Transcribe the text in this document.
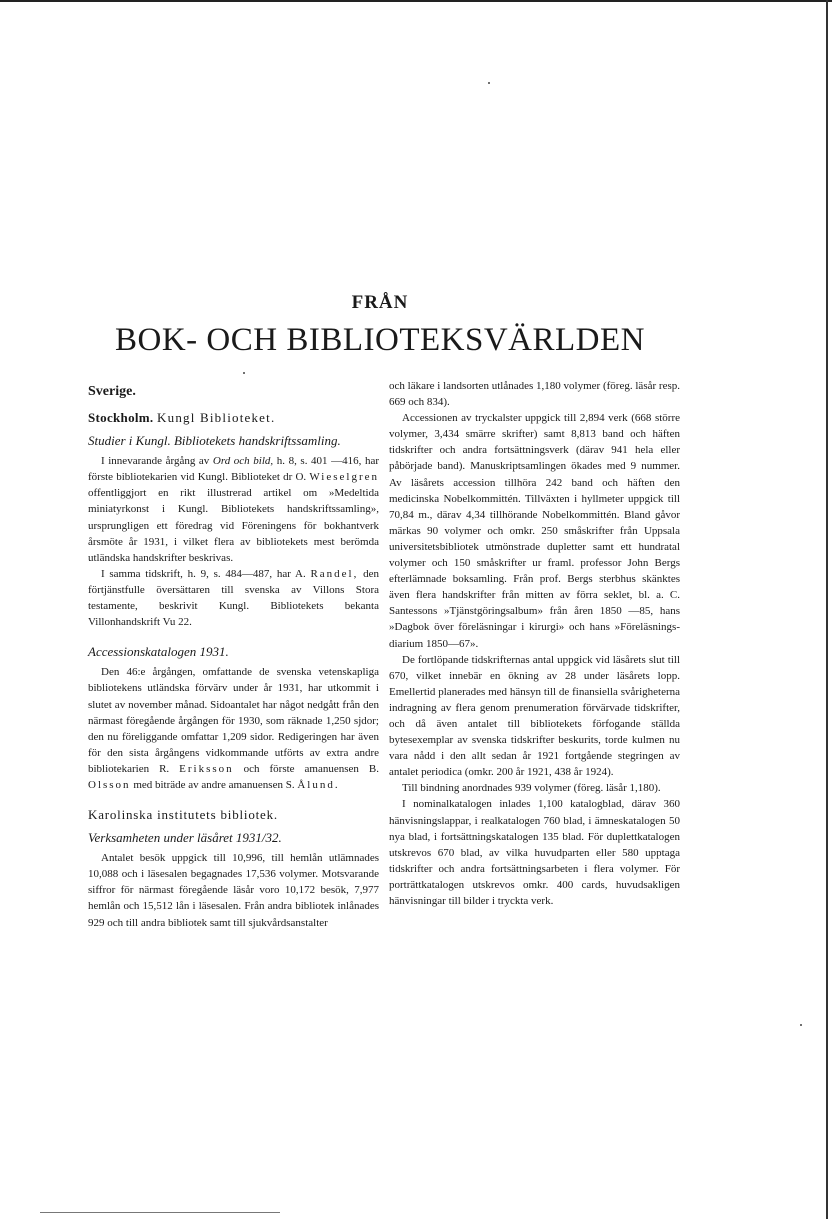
FRÅN
BOK- OCH BIBLIOTEKSVÄRLDEN
Sverige.
Stockholm. Kungl Biblioteket.
Studier i Kungl. Bibliotekets handskriftssamling.

I innevarande årgång av Ord och bild, h. 8, s. 401 —416, har förste bibliotekarien vid Kungl. Biblioteket dr O. Wieselgren offentliggjort en rikt illustrerad artikel om »Medeltida miniatyrkonst i Kungl. Bibliotekets handskriftssamling», ursprungligen ett föredrag vid Föreningens för bokhantverk årsmöte år 1931, i vilket flera av bibliotekets mest berömda utländska handskrifter beskrivas.

I samma tidskrift, h. 9, s. 484—487, har A. Randel, den förtjänstfulle översättaren till svenska av Villons Stora testamente, beskrivit Kungl. Bibliotekets bekanta Villonhandskrift Vu 22.

Accessionskatalogen 1931.

Den 46:e årgången, omfattande de svenska vetenskapliga bibliotekens utländska förvärv under år 1931, har utkommit i slutet av november månad. Sidoantalet har något nedgått från den närmast föregående årgången för 1930, som räknade 1,250 sjdor; den nu föreliggande omfattar 1,209 sidor. Redigeringen har även för den sista årgångens vidkommande utförts av extra andre bibliotekarien R. Eriksson och förste amanuensen B. Olsson med biträde av andre amanuensen S. Ålund.

Karolinska institutets bibliotek.
Verksamheten under läsåret 1931/32.

Antalet besök uppgick till 10,996, till hemlån utlämnades 10,088 och i läsesalen begagnades 17,536 volymer. Motsvarande siffror för närmast föregående läsår voro 10,172 besök, 7,977 hemlån och 15,512 lån i läsesalen. Från andra bibliotek inlånades 929 och till andra bibliotek samt till sjukvårdsanstalter

och läkare i landsorten utlånades 1,180 volymer (föreg. läsår resp. 669 och 834).

Accessionen av tryckalster uppgick till 2,894 verk (668 större volymer, 3,434 smärre skrifter) samt 8,813 band och häften tidskrifter och andra fortsättningsverk (därav 941 hela eller påbörjade band). Manuskriptsamlingen ökades med 9 nummer. Av läsårets accession tillhöra 242 band och häften den medicinska Nobelkommittén. Tillväxten i hyllmeter uppgick till 70,84 m., därav 4,34 tillhörande Nobelkommittén. Bland gåvor märkas 90 volymer och omkr. 250 småskrifter från Uppsala universitetsbibliotek utmönstrade dupletter samt ett hundratal volymer och 150 småskrifter ur framl. professor John Bergs efterlämnade boksamling. Från prof. Bergs sterbhus skänktes även flera handskrifter från mitten av förra seklet, bl. a. C. Santessons »Tjänstgöringsalbum» från åren 1850 —85, hans »Dagbok över föreläsningar i kirurgi» och hans »Föreläsnings-diarium 1850—67».

De fortlöpande tidskrifternas antal uppgick vid läsårets slut till 670, vilket innebär en ökning av 28 under läsårets lopp. Emellertid planerades med hänsyn till de finansiella svårigheterna indragning av flera genom prenumeration förvärvade tidskrifter, och då även antalet till bibliotekets förfogande ställda bytesexemplar av svenska tidskrifter beskurits, torde kulmen nu vara nådd i den allt sedan år 1921 fortgående stegringen av antalet periodica (omkr. 200 år 1921, 438 år 1924).

Till bindning anordnades 939 volymer (föreg. läsår 1,180).

I nominalkatalogen inlades 1,100 katalogblad, därav 360 hänvisningslappar, i realkatalogen 760 blad, i ämneskatalogen 50 nya blad, i fortsättningskatalogen 135 blad. För duplettkatalogen utskrevos 670 blad, av vilka huvudparten eller 580 upptaga tidskrifter och andra fortsättningsarbeten i flera volymer. För porträttkatalogen utskrevos omkr. 400 cards, huvudsakligen hänvisningar till bilder i tryckta verk.
